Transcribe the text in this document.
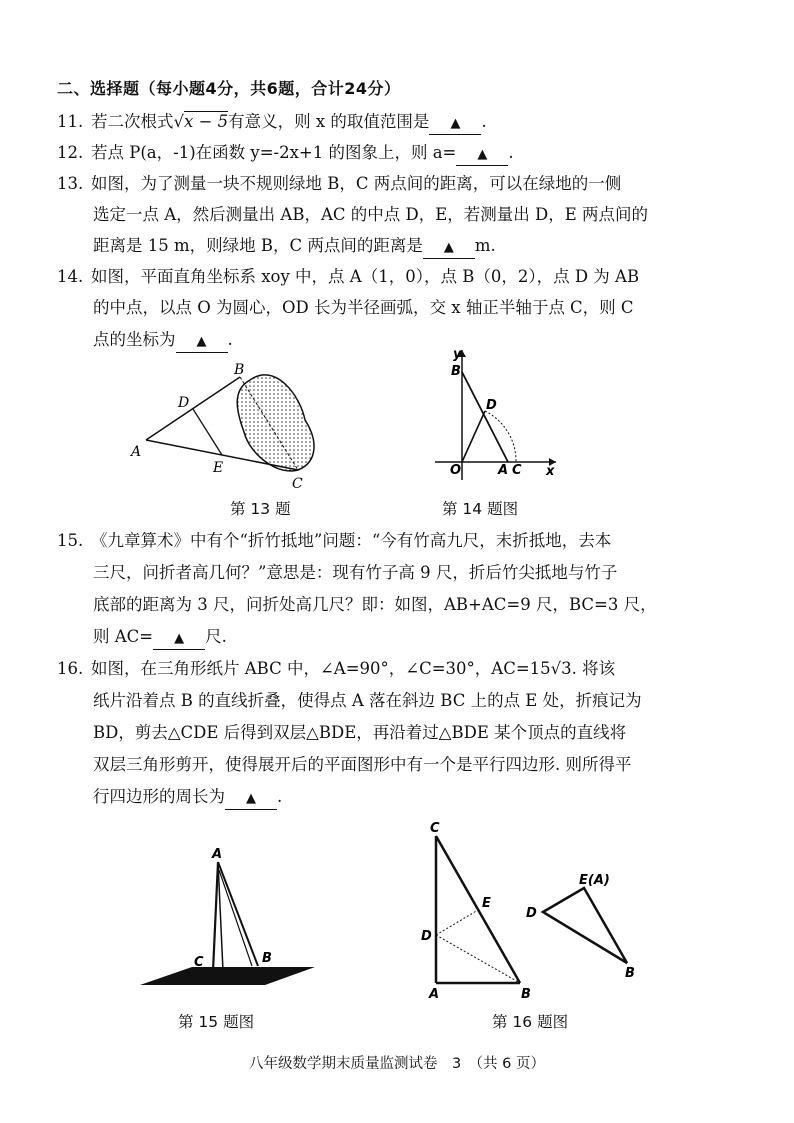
二、选择题（每小题4分，共6题，合计24分）
11. 若二次根式√x − 5有意义，则 x 的取值范围是 ▲ .
12. 若点 P(a，‑1)在函数 y=‑2x+1 的图象上，则 a= ▲ .
13. 如图，为了测量一块不规则绿地 B，C 两点间的距离，可以在绿地的一侧
选定一点 A，然后测量出 AB，AC 的中点 D，E，若测量出 D，E 两点间的
距离是 15 m，则绿地 B，C 两点间的距离是 ▲ m.
14. 如图，平面直角坐标系 xoy 中，点 A（1，0），点 B（0，2），点 D 为 AB
的中点，以点 O 为圆心，OD 长为半径画弧，交 x 轴正半轴于点 C，则 C
点的坐标为 ▲ .
A
B
C
D
E
y
x
B
D
O	A C
A
B
C
C
E
D
A	B
E(A)
D
B
第 13 题	第 14 题图
15. 《九章算术》中有个“折竹抵地”问题：“今有竹高九尺，末折抵地，去本
三尺，问折者高几何？”意思是：现有竹子高 9 尺，折后竹尖抵地与竹子
底部的距离为 3 尺，问折处高几尺？即：如图，AB+AC=9 尺，BC=3 尺，
则 AC= ▲ 尺.
16. 如图，在三角形纸片 ABC 中，∠A=90°，∠C=30°，AC=15√3. 将该
纸片沿着点 B 的直线折叠，使得点 A 落在斜边 BC 上的点 E 处，折痕记为
BD，剪去△CDE 后得到双层△BDE，再沿着过△BDE 某个顶点的直线将
双层三角形剪开，使得展开后的平面图形中有一个是平行四边形. 则所得平
行四边形的周长为 ▲ .
第 15 题图	第 16 题图
八年级数学期末质量监测试卷　3　（共 6 页）
